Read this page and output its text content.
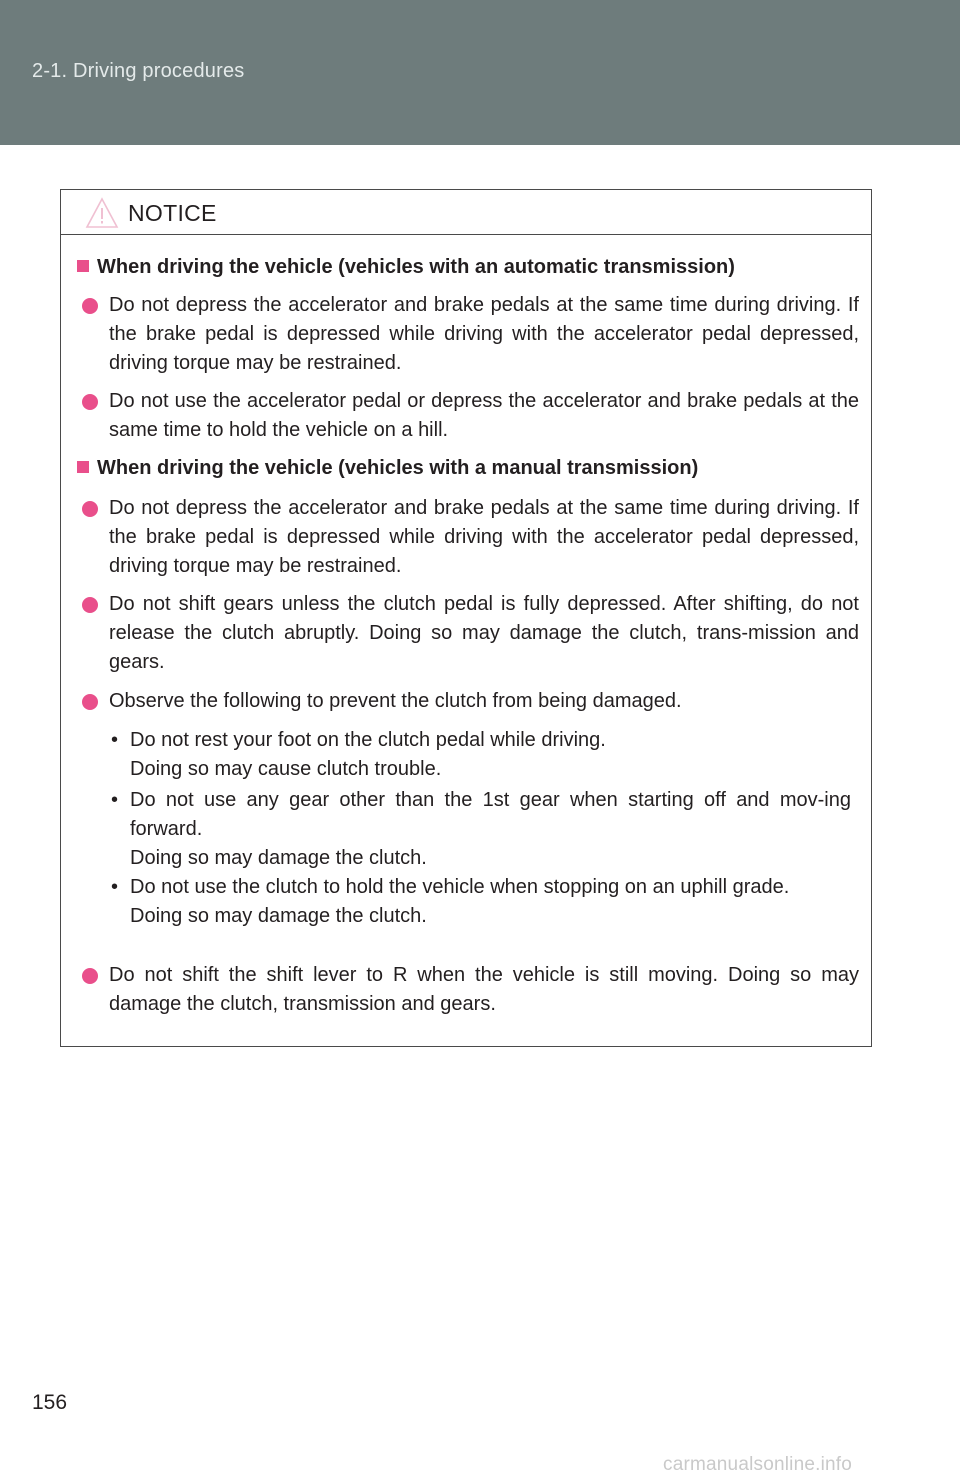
2-1. Driving procedures
NOTICE
When driving the vehicle (vehicles with an automatic transmission)
Do not depress the accelerator and brake pedals at the same time during driving. If the brake pedal is depressed while driving with the accelerator pedal depressed, driving torque may be restrained.
Do not use the accelerator pedal or depress the accelerator and brake pedals at the same time to hold the vehicle on a hill.
When driving the vehicle (vehicles with a manual transmission)
Do not depress the accelerator and brake pedals at the same time during driving. If the brake pedal is depressed while driving with the accelerator pedal depressed, driving torque may be restrained.
Do not shift gears unless the clutch pedal is fully depressed. After shifting, do not release the clutch abruptly. Doing so may damage the clutch, trans-mission and gears.
Observe the following to prevent the clutch from being damaged.
• Do not rest your foot on the clutch pedal while driving.
Doing so may cause clutch trouble.
• Do not use any gear other than the 1st gear when starting off and mov-ing forward.
Doing so may damage the clutch.
• Do not use the clutch to hold the vehicle when stopping on an uphill grade.
Doing so may damage the clutch.
Do not shift the shift lever to R when the vehicle is still moving. Doing so may damage the clutch, transmission and gears.
156
carmanualsonline.info
